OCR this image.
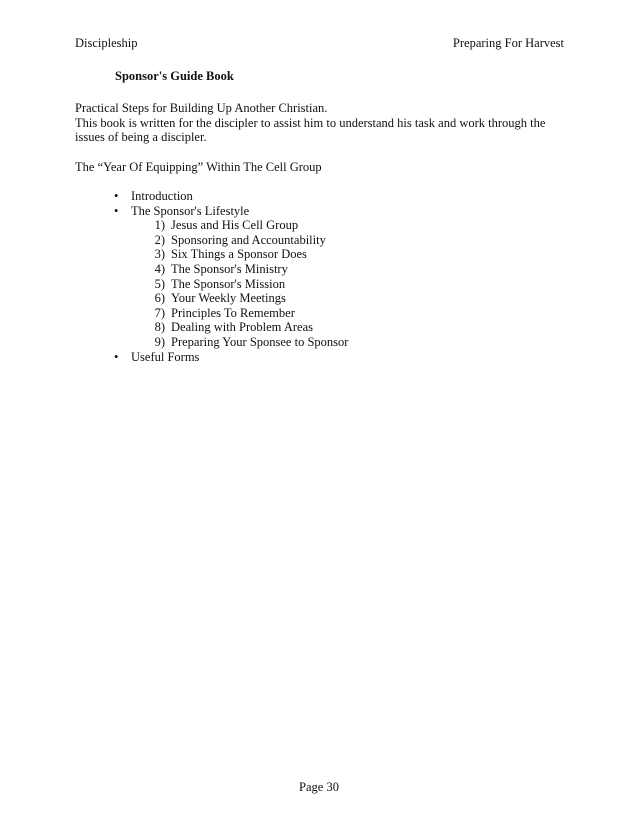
Discipleship	Preparing For Harvest
Sponsor's Guide Book

Practical Steps for Building Up Another Christian.

This book is written for the discipler to assist him to understand his task and work through the

issues of being a discipler.

The “Year Of Equipping” Within The Cell Group
• Introduction
• The Sponsor's Lifestyle
1) Jesus and His Cell Group
2) Sponsoring and Accountability
3) Six Things a Sponsor Does
4) The Sponsor's Ministry
5) The Sponsor's Mission
6) Your Weekly Meetings
7) Principles To Remember
8) Dealing with Problem Areas
9) Preparing Your Sponsee to Sponsor
• Useful Forms
Page 30
